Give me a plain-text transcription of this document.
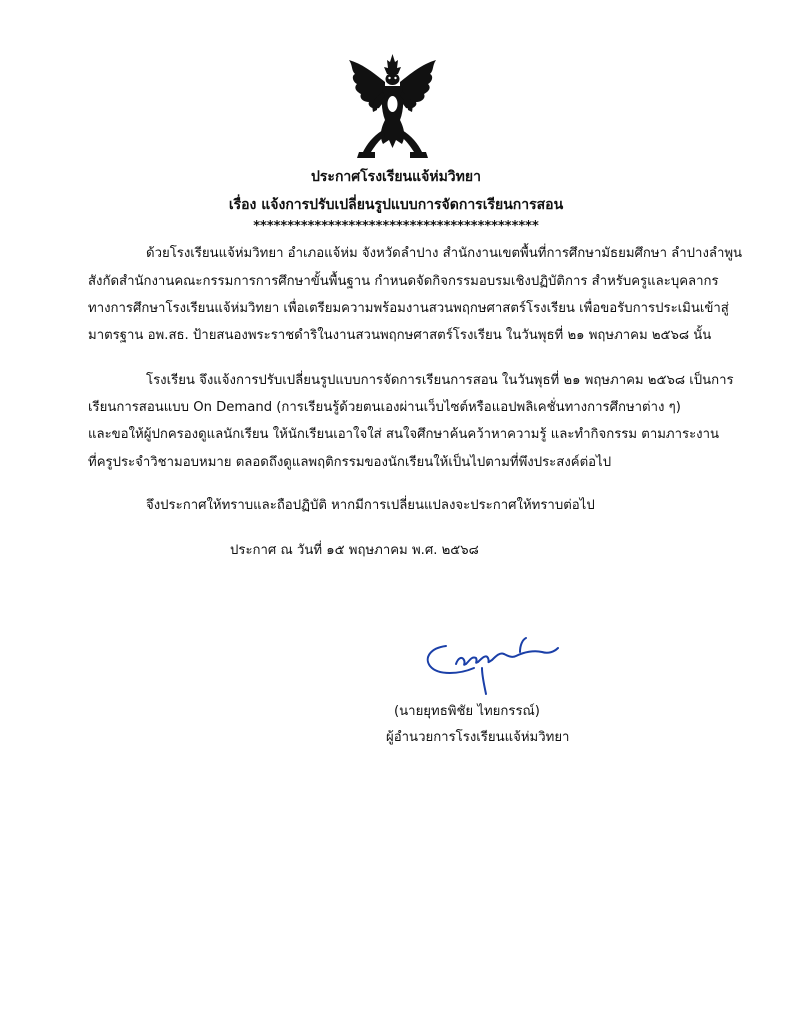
ประกาศโรงเรียนแจ้ห่มวิทยา
เรื่อง แจ้งการปรับเปลี่ยนรูปแบบการจัดการเรียนการสอน
******************************************
ด้วยโรงเรียนแจ้ห่มวิทยา อำเภอแจ้ห่ม จังหวัดลำปาง สำนักงานเขตพื้นที่การศึกษามัธยมศึกษา ลำปางลำพูน
สังกัดสำนักงานคณะกรรมการการศึกษาขั้นพื้นฐาน กำหนดจัดกิจกรรมอบรมเชิงปฏิบัติการ สำหรับครูและบุคลากร
ทางการศึกษาโรงเรียนแจ้ห่มวิทยา เพื่อเตรียมความพร้อมงานสวนพฤกษศาสตร์โรงเรียน เพื่อขอรับการประเมินเข้าสู่
มาตรฐาน อพ.สธ. ป้ายสนองพระราชดำริในงานสวนพฤกษศาสตร์โรงเรียน ในวันพุธที่ ๒๑ พฤษภาคม ๒๕๖๘ นั้น
โรงเรียน จึงแจ้งการปรับเปลี่ยนรูปแบบการจัดการเรียนการสอน ในวันพุธที่ ๒๑ พฤษภาคม ๒๕๖๘ เป็นการ
เรียนการสอนแบบ On Demand (การเรียนรู้ด้วยตนเองผ่านเว็บไซต์หรือแอปพลิเคชั่นทางการศึกษาต่าง ๆ)
และขอให้ผู้ปกครองดูแลนักเรียน ให้นักเรียนเอาใจใส่ สนใจศึกษาค้นคว้าหาความรู้ และทำกิจกรรม ตามภาระงาน
ที่ครูประจำวิชามอบหมาย ตลอดถึงดูแลพฤติกรรมของนักเรียนให้เป็นไปตามที่พึงประสงค์ต่อไป
จึงประกาศให้ทราบและถือปฏิบัติ หากมีการเปลี่ยนแปลงจะประกาศให้ทราบต่อไป
ประกาศ ณ วันที่ ๑๕ พฤษภาคม พ.ศ. ๒๕๖๘
(นายยุทธพิชัย ไทยกรรณ์)
ผู้อำนวยการโรงเรียนแจ้ห่มวิทยา
